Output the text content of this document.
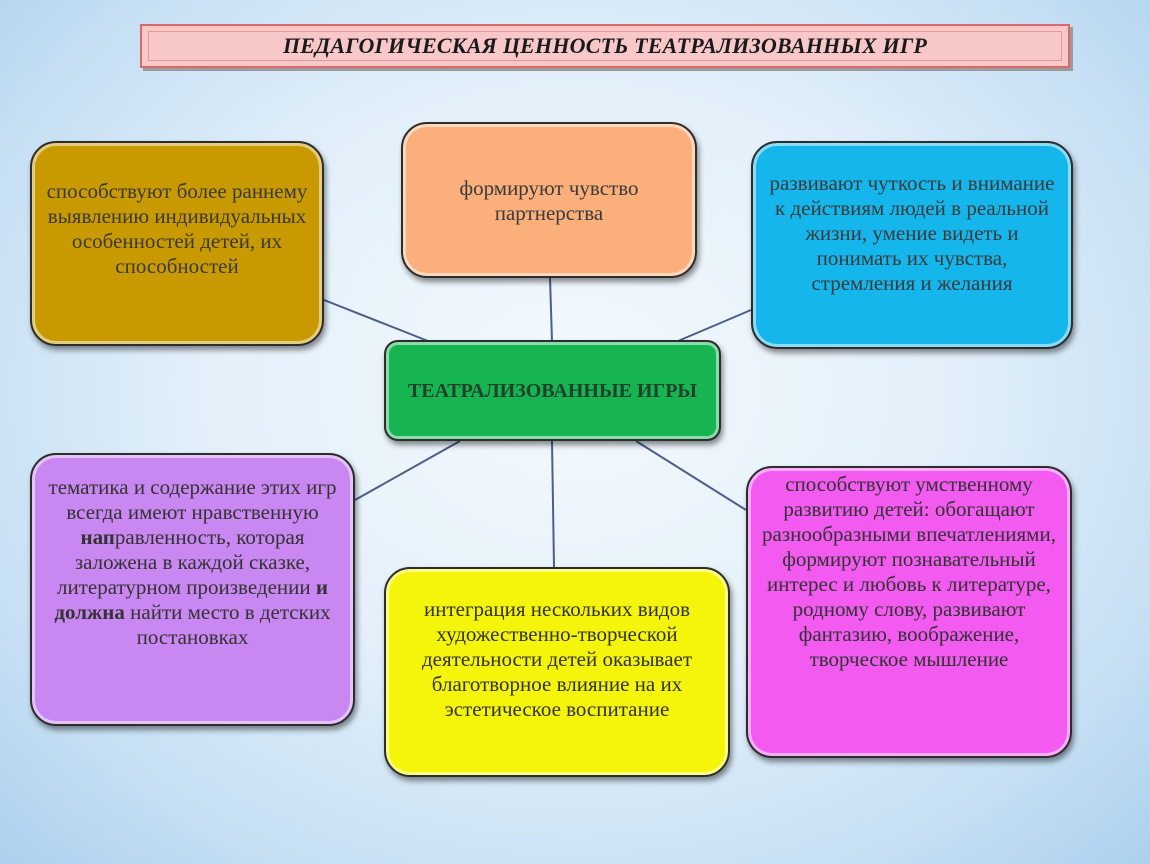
ПЕДАГОГИЧЕСКАЯ ЦЕННОСТЬ ТЕАТРАЛИЗОВАННЫХ ИГР
способствуют более раннему выявлению индивидуальных особенностей детей, их способностей
формируют чувство партнерства
развивают чуткость и внимание к действиям людей в реальной жизни, умение видеть и понимать их чувства, стремления и желания
ТЕАТРАЛИЗОВАННЫЕ ИГРЫ
тематика и содержание этих игр всегда имеют нравственную направленность, которая заложена в каждой сказке, литературном произведении и должна найти место в детских постановках
интеграция нескольких видов художественно-творческой деятельности детей оказывает благотворное влияние на их эстетическое воспитание
способствуют умственному развитию детей: обогащают разнообразными впечатлениями, формируют познавательный интерес и любовь к литературе, родному слову, развивают фантазию, воображение, творческое мышление
